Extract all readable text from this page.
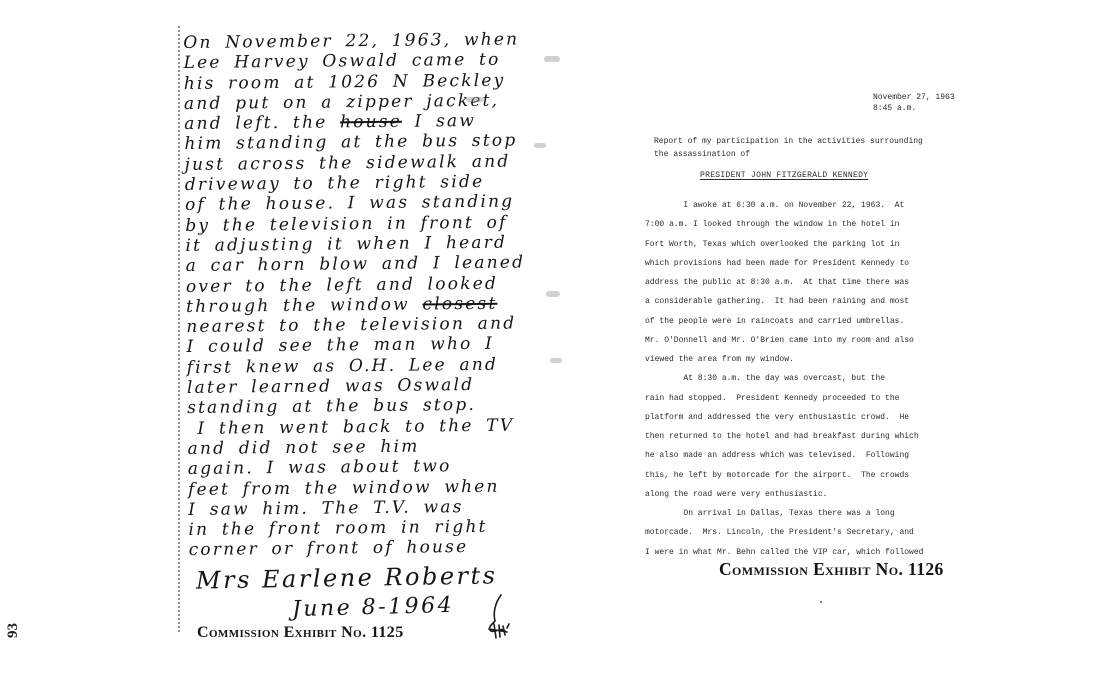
On November 22, 1963, when
Lee Harvey Oswald came to
his room at 1026 N Beckley
and put on a zipper jacket,
and left. the house I saw
him standing at the bus stop
just across the sidewalk and
driveway to the right side
of the house. I was standing
by the television in front of
it adjusting it when I heard
a car horn blow and I leaned
over to the left and looked
through the window closest
nearest to the television and
I could see the man who I
first knew as O.H. Lee and
later learned was Oswald
standing at the bus stop.
I then went back to the TV
and did not see him
again. I was about two
feet from the window when
I saw him. The T.V. was
in the front room in right
corner or front of house
Mrs Earlene Roberts
June 8-1964
Commission Exhibit No. 1125
93
November 27, 1963
8:45 a.m.
Report of my participation in the activities surrounding
the assassination of
PRESIDENT JOHN FITZGERALD KENNEDY
I awoke at 6:30 a.m. on November 22, 1963.  At
7:00 a.m. I looked through the window in the hotel in
Fort Worth, Texas which overlooked the parking lot in
which provisions had been made for President Kennedy to
address the public at 8:30 a.m.  At that time there was
a considerable gathering.  It had been raining and most
of the people were in raincoats and carried umbrellas.
Mr. O'Donnell and Mr. O'Brien came into my room and also
viewed the area from my window.
At 8:30 a.m. the day was overcast, but the
rain had stopped.  President Kennedy proceeded to the
platform and addressed the very enthusiastic crowd.  He
then returned to the hotel and had breakfast during which
he also made an address which was televised.  Following
this, he left by motorcade for the airport.  The crowds
along the road were very enthusiastic.
On arrival in Dallas, Texas there was a long
motorcade.  Mrs. Lincoln, the President's Secretary, and
I were in what Mr. Behn called the VIP car, which followed
Commission Exhibit No. 1126
